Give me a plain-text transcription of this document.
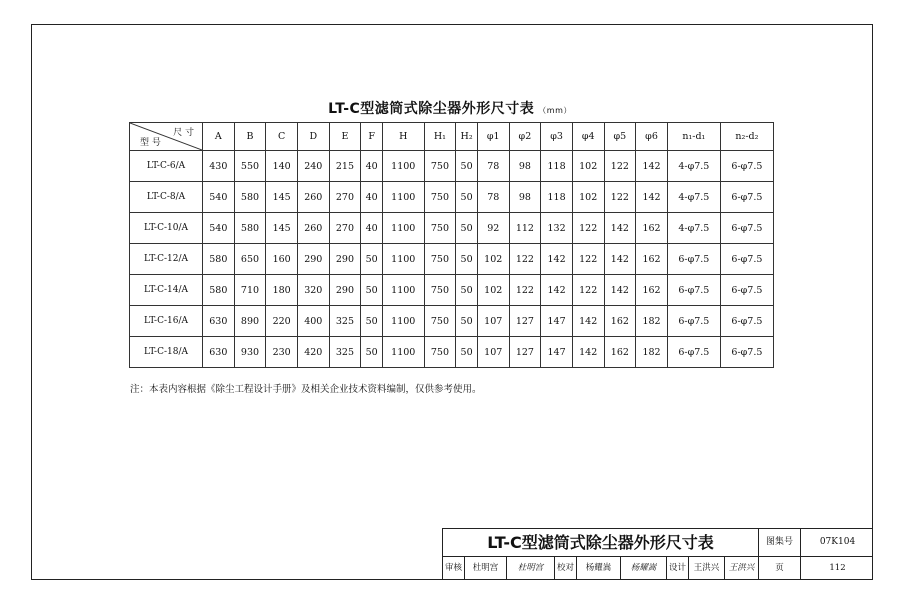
LT-C型滤筒式除尘器外形尺寸表 （mm）
尺 寸
型 号	A	B	C	D	E	F	H	H₁	H₂	φ1	φ2	φ3	φ4	φ5	φ6	n₁-d₁	n₂-d₂
LT-C-6/A	430	550	140	240	215	40	1100	750	50	78	98	118	102	122	142	4-φ7.5	6-φ7.5
LT-C-8/A	540	580	145	260	270	40	1100	750	50	78	98	118	102	122	142	4-φ7.5	6-φ7.5
LT-C-10/A	540	580	145	260	270	40	1100	750	50	92	112	132	122	142	162	4-φ7.5	6-φ7.5
LT-C-12/A	580	650	160	290	290	50	1100	750	50	102	122	142	122	142	162	6-φ7.5	6-φ7.5
LT-C-14/A	580	710	180	320	290	50	1100	750	50	102	122	142	122	142	162	6-φ7.5	6-φ7.5
LT-C-16/A	630	890	220	400	325	50	1100	750	50	107	127	147	142	162	182	6-φ7.5	6-φ7.5
LT-C-18/A	630	930	230	420	325	50	1100	750	50	107	127	147	142	162	182	6-φ7.5	6-φ7.5
注：本表内容根据《除尘工程设计手册》及相关企业技术资料编制，仅供参考使用。
LT-C型滤筒式除尘器外形尺寸表	图集号	07K104
审核	杜明宫	杜明宫	校对	杨耀嵩	杨耀嵩	设计 王洪兴	王洪兴	页	112
